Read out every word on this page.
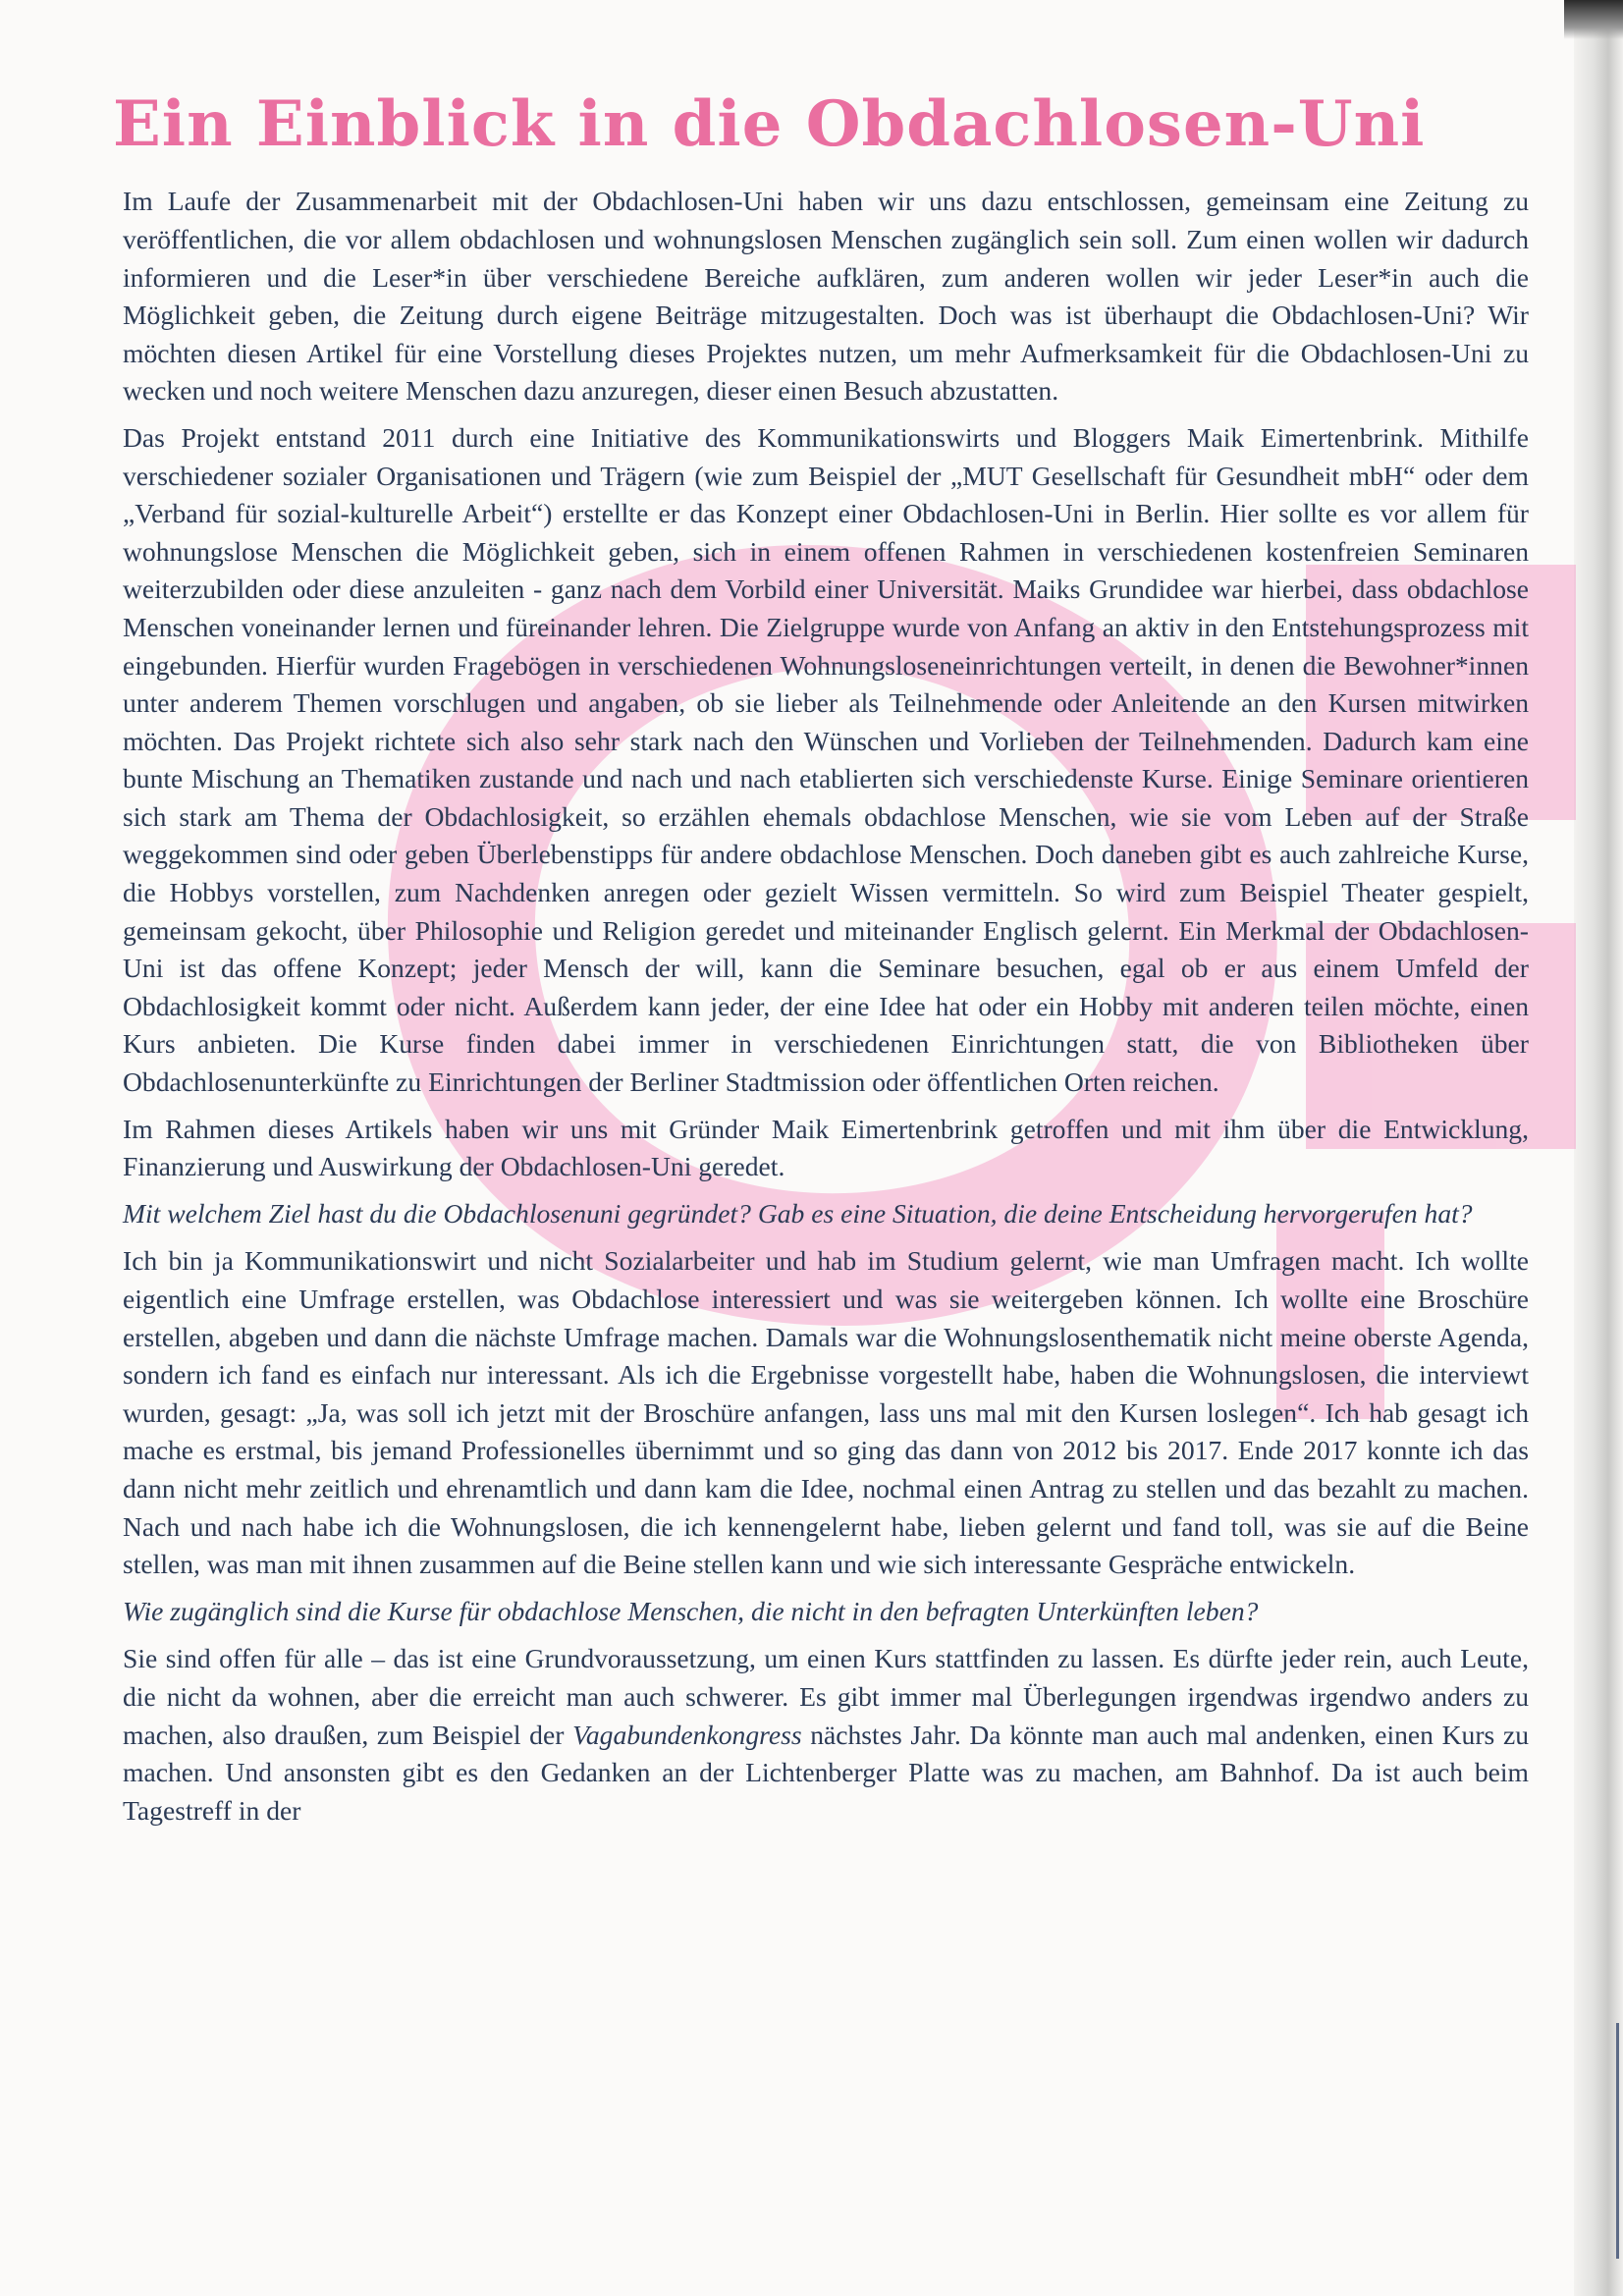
Ein Einblick in die Obdachlosen-Uni

Im Laufe der Zusammenarbeit mit der Obdachlosen-Uni haben wir uns dazu entschlossen, gemeinsam eine Zeitung zu veröffentlichen, die vor allem obdachlosen und wohnungslosen Menschen zugänglich sein soll. Zum einen wollen wir dadurch informieren und die Leser*in über verschiedene Bereiche aufklären, zum anderen wollen wir jeder Leser*in auch die Möglichkeit geben, die Zeitung durch eigene Beiträge mitzugestalten. Doch was ist überhaupt die Obdachlosen-Uni? Wir möchten diesen Artikel für eine Vorstellung dieses Projektes nutzen, um mehr Aufmerksamkeit für die Obdachlosen-Uni zu wecken und noch weitere Menschen dazu anzuregen, dieser einen Besuch abzustatten.

Das Projekt entstand 2011 durch eine Initiative des Kommunikationswirts und Bloggers Maik Eimertenbrink. Mithilfe verschiedener sozialer Organisationen und Trägern (wie zum Beispiel der „MUT Gesellschaft für Gesundheit mbH“ oder dem „Verband für sozial-kulturelle Arbeit“) erstellte er das Konzept einer Obdachlosen-Uni in Berlin. Hier sollte es vor allem für wohnungslose Menschen die Möglichkeit geben, sich in einem offenen Rahmen in verschiedenen kostenfreien Seminaren weiterzubilden oder diese anzuleiten - ganz nach dem Vorbild einer Universität. Maiks Grundidee war hierbei, dass obdachlose Menschen voneinander lernen und füreinander lehren. Die Zielgruppe wurde von Anfang an aktiv in den Entstehungsprozess mit eingebunden. Hierfür wurden Fragebögen in verschiedenen Wohnungsloseneinrichtungen verteilt, in denen die Bewohner*innen unter anderem Themen vorschlugen und angaben, ob sie lieber als Teilnehmende oder Anleitende an den Kursen mitwirken möchten. Das Projekt richtete sich also sehr stark nach den Wünschen und Vorlieben der Teilnehmenden. Dadurch kam eine bunte Mischung an Thematiken zustande und nach und nach etablierten sich verschiedenste Kurse. Einige Seminare orientieren sich stark am Thema der Obdachlosigkeit, so erzählen ehemals obdachlose Menschen, wie sie vom Leben auf der Straße weggekommen sind oder geben Überlebenstipps für andere obdachlose Menschen. Doch daneben gibt es auch zahlreiche Kurse, die Hobbys vorstellen, zum Nachdenken anregen oder gezielt Wissen vermitteln. So wird zum Beispiel Theater gespielt, gemeinsam gekocht, über Philosophie und Religion geredet und miteinander Englisch gelernt. Ein Merkmal der Obdachlosen-Uni ist das offene Konzept; jeder Mensch der will, kann die Seminare besuchen, egal ob er aus einem Umfeld der Obdachlosigkeit kommt oder nicht. Außerdem kann jeder, der eine Idee hat oder ein Hobby mit anderen teilen möchte, einen Kurs anbieten. Die Kurse finden dabei immer in verschiedenen Einrichtungen statt, die von Bibliotheken über Obdachlosenunterkünfte zu Einrichtungen der Berliner Stadtmission oder öffentlichen Orten reichen.

Im Rahmen dieses Artikels haben wir uns mit Gründer Maik Eimertenbrink getroffen und mit ihm über die Entwicklung, Finanzierung und Auswirkung der Obdachlosen-Uni geredet.

Mit welchem Ziel hast du die Obdachlosenuni gegründet? Gab es eine Situation, die deine Entscheidung hervorgerufen hat?

Ich bin ja Kommunikationswirt und nicht Sozialarbeiter und hab im Studium gelernt, wie man Umfragen macht. Ich wollte eigentlich eine Umfrage erstellen, was Obdachlose interessiert und was sie weitergeben können. Ich wollte eine Broschüre erstellen, abgeben und dann die nächste Umfrage machen. Damals war die Wohnungslosenthematik nicht meine oberste Agenda, sondern ich fand es einfach nur interessant. Als ich die Ergebnisse vorgestellt habe, haben die Wohnungslosen, die interviewt wurden, gesagt: „Ja, was soll ich jetzt mit der Broschüre anfangen, lass uns mal mit den Kursen loslegen“. Ich hab gesagt ich mache es erstmal, bis jemand Professionelles übernimmt und so ging das dann von 2012 bis 2017. Ende 2017 konnte ich das dann nicht mehr zeitlich und ehrenamtlich und dann kam die Idee, nochmal einen Antrag zu stellen und das bezahlt zu machen. Nach und nach habe ich die Wohnungslosen, die ich kennengelernt habe, lieben gelernt und fand toll, was sie auf die Beine stellen, was man mit ihnen zusammen auf die Beine stellen kann und wie sich interessante Gespräche entwickeln.

Wie zugänglich sind die Kurse für obdachlose Menschen, die nicht in den befragten Unterkünften leben?

Sie sind offen für alle – das ist eine Grundvoraussetzung, um einen Kurs stattfinden zu lassen. Es dürfte jeder rein, auch Leute, die nicht da wohnen, aber die erreicht man auch schwerer. Es gibt immer mal Überlegungen irgendwas irgendwo anders zu machen, also draußen, zum Beispiel der Vagabundenkongress nächstes Jahr. Da könnte man auch mal andenken, einen Kurs zu machen. Und ansonsten gibt es den Gedanken an der Lichtenberger Platte was zu machen, am Bahnhof. Da ist auch beim Tagestreff in der
